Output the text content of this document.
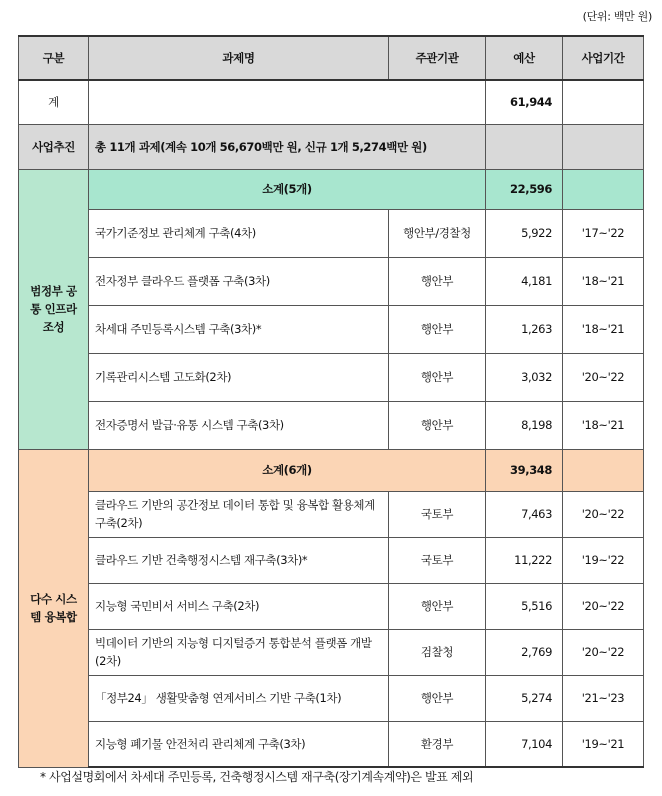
(단위: 백만 원)
구분	과제명	주관기관	예산	사업기간
계			61,944	
사업추진	총 11개 과제(계속 10개 56,670백만 원, 신규 1개 5,274백만 원)			
범정부 공통 인프라 조성	소계(5개)		22,596	
	국가기준정보 관리체계 구축(4차)	행안부/경찰청	5,922	'17~'22
	전자정부 클라우드 플랫폼 구축(3차)	행안부	4,181	'18~'21
	차세대 주민등록시스템 구축(3차)*	행안부	1,263	'18~'21
	기록관리시스템 고도화(2차)	행안부	3,032	'20~'22
	전자증명서 발급·유통 시스템 구축(3차)	행안부	8,198	'18~'21
다수 시스템 융복합	소계(6개)		39,348	
	클라우드 기반의 공간정보 데이터 통합 및 융복합 활용체계 구축(2차)	국토부	7,463	'20~'22
	클라우드 기반 건축행정시스템 재구축(3차)*	국토부	11,222	'19~'22
	지능형 국민비서 서비스 구축(2차)	행안부	5,516	'20~'22
	빅데이터 기반의 지능형 디지털증거 통합분석 플랫폼 개발(2차)	검찰청	2,769	'20~'22
	「정부24」 생활맞춤형 연계서비스 기반 구축(1차)	행안부	5,274	'21~'23
	지능형 폐기물 안전처리 관리체계 구축(3차)	환경부	7,104	'19~'21
* 사업설명회에서 차세대 주민등록, 건축행정시스템 재구축(장기계속계약)은 발표 제외
